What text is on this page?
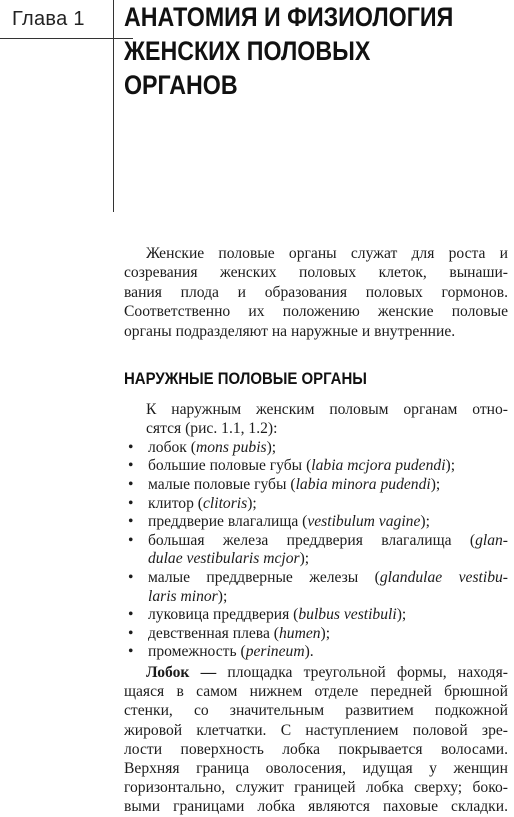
Глава 1 АНАТОМИЯ И ФИЗИОЛОГИЯ
ЖЕНСКИХ ПОЛОВЫХ
ОРГАНОВ
Женские половые органы служат для роста и
созревания женских половых клеток, вынаши-
вания плода и образования половых гормонов.
Соответственно их положению женские половые
органы подразделяют на наружные и внутренние.
НАРУЖНЫЕ ПОЛОВЫЕ ОРГАНЫ
К наружным женским половым органам отно-
сятся (рис. 1.1, 1.2):
• лобок (mons pubis);
• большие половые губы (labia mcjora pudendi);
• малые половые губы (labia minora pudendi);
• клитор (clitoris);
• преддверие влагалища (vestibulum vagine);
• большая железа преддверия влагалища (glan-
dulae vestibularis mcjor);
• малые преддверные железы (glandulae vestibu-
laris minor);
• луковица преддверия (bulbus vestibuli);
• девственная плева (humen);
• промежность (perineum).
Лобок — площадка треугольной формы, находя-
щаяся в самом нижнем отделе передней брюшной
стенки, со значительным развитием подкожной
жировой клетчатки. С наступлением половой зре-
лости поверхность лобка покрывается волосами.
Верхняя граница оволосения, идущая у женщин
горизонтально, служит границей лобка сверху; боко-
выми границами лобка являются паховые складки.
